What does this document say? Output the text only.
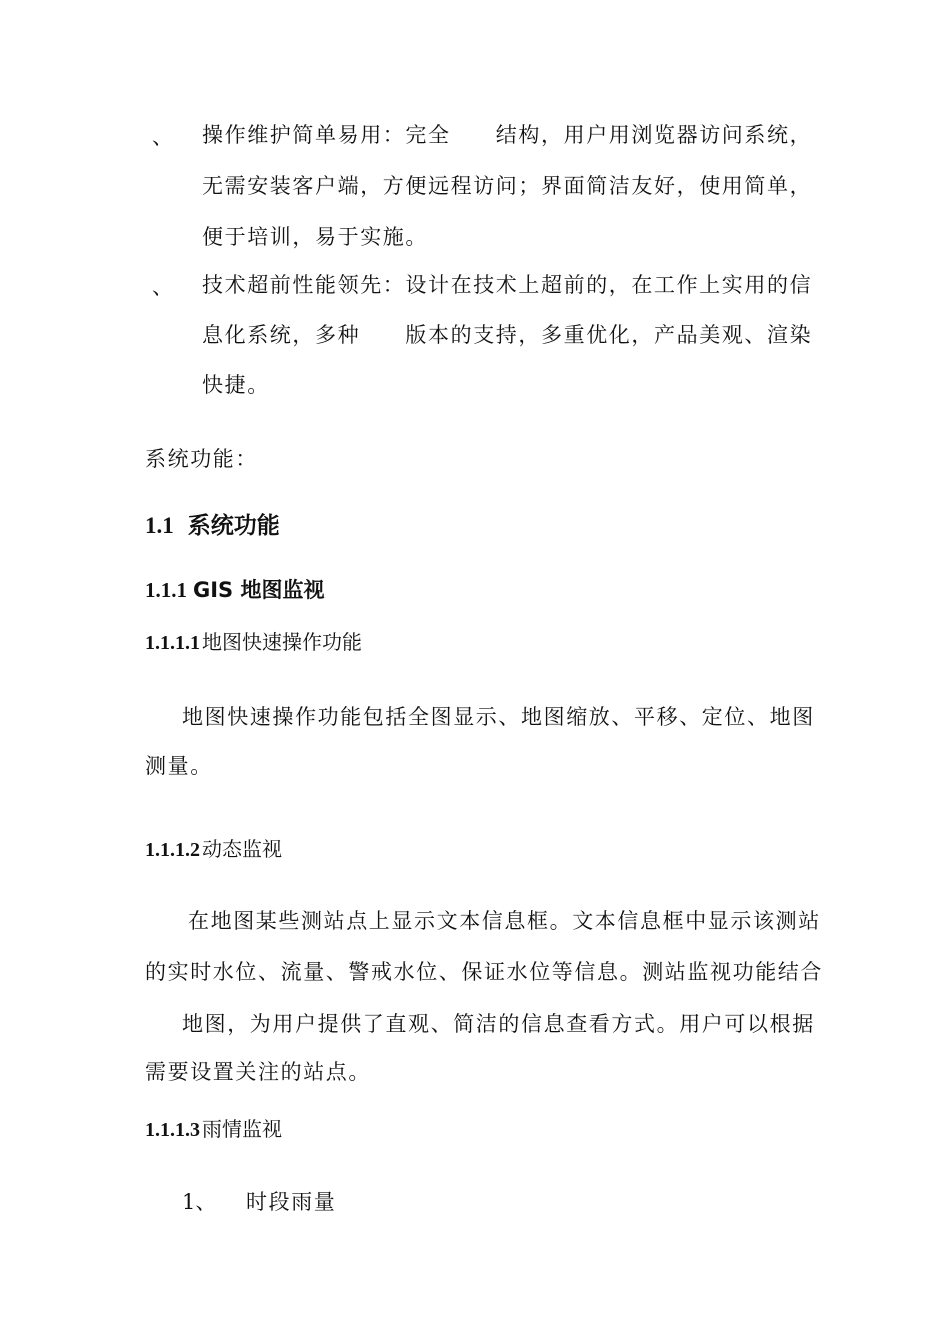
、 操作维护简单易用：完全　　结构，用户用浏览器访问系统，
无需安装客户端，方便远程访问；界面简洁友好，使用简单，
便于培训，易于实施。
、 技术超前性能领先：设计在技术上超前的，在工作上实用的信
息化系统，多种　　版本的支持，多重优化，产品美观、渲染
快捷。
系统功能：
1.1 系统功能
1.1.1 GIS 地图监视
1.1.1.1 地图快速操作功能
地图快速操作功能包括全图显示、地图缩放、平移、定位、地图
测量。
1.1.1.2 动态监视
在地图某些测站点上显示文本信息框。文本信息框中显示该测站
的实时水位、流量、警戒水位、保证水位等信息。测站监视功能结合
地图，为用户提供了直观、简洁的信息查看方式。用户可以根据
需要设置关注的站点。
1.1.1.3 雨情监视
1、 时段雨量
